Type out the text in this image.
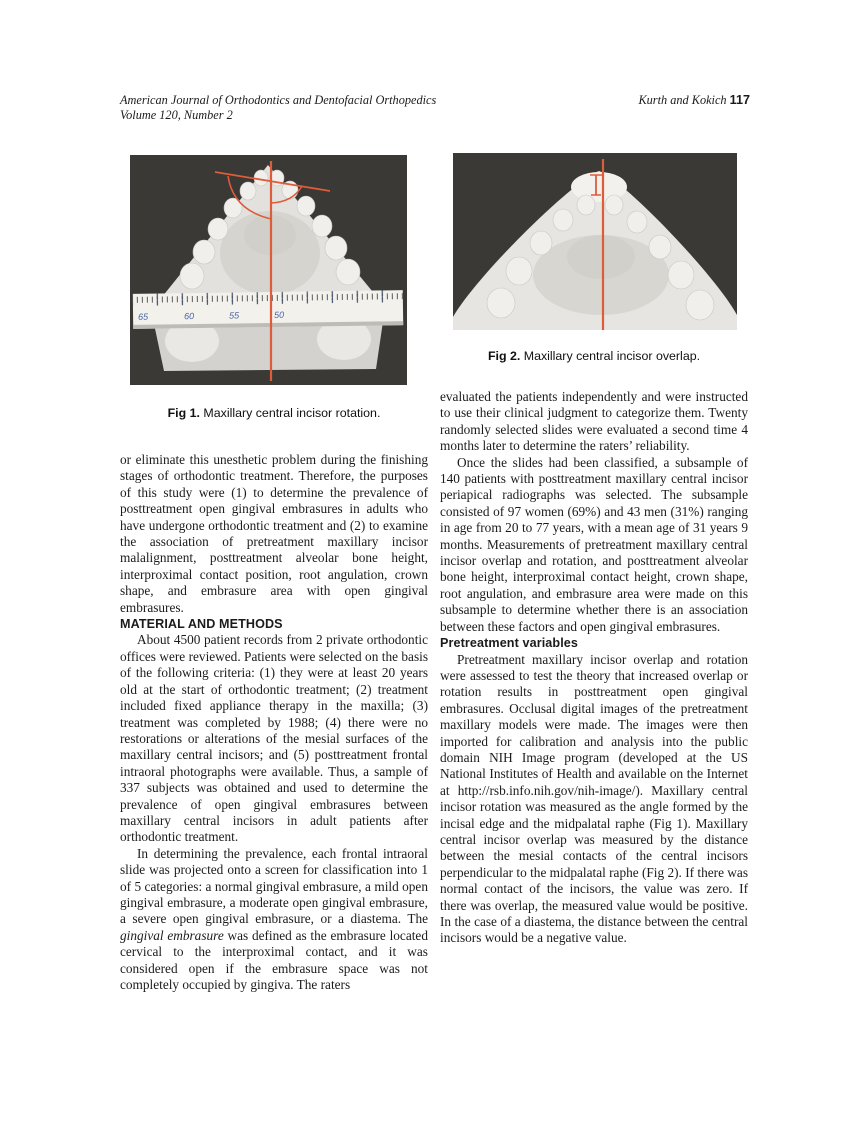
American Journal of Orthodontics and Dentofacial Orthopedics
Volume 120, Number 2
Kurth and Kokich 117
65	60	55	50
Fig 1. Maxillary central incisor rotation.
Fig 2. Maxillary central incisor overlap.

or eliminate this unesthetic problem during the finishing stages of orthodontic treatment. Therefore, the purposes of this study were (1) to determine the prevalence of posttreatment open gingival embrasures in adults who have undergone orthodontic treatment and (2) to examine the association of pretreatment maxillary incisor malalignment, posttreatment alveolar bone height, interproximal contact position, root angulation, crown shape, and embrasure area with open gingival embrasures.

MATERIAL AND METHODS

About 4500 patient records from 2 private orthodontic offices were reviewed. Patients were selected on the basis of the following criteria: (1) they were at least 20 years old at the start of orthodontic treatment; (2) treatment included fixed appliance therapy in the maxilla; (3) treatment was completed by 1988; (4) there were no restorations or alterations of the mesial surfaces of the maxillary central incisors; and (5) posttreatment frontal intraoral photographs were available. Thus, a sample of 337 subjects was obtained and used to determine the prevalence of open gingival embrasures between maxillary central incisors in adult patients after orthodontic treatment.

In determining the prevalence, each frontal intraoral slide was projected onto a screen for classification into 1 of 5 categories: a normal gingival embrasure, a mild open gingival embrasure, a moderate open gingival embrasure, a severe open gingival embrasure, or a diastema. The gingival embrasure was defined as the embrasure located cervical to the interproximal contact, and it was considered open if the embrasure space was not completely occupied by gingiva. The raters

evaluated the patients independently and were instructed to use their clinical judgment to categorize them. Twenty randomly selected slides were evaluated a second time 4 months later to determine the raters’ reliability.

Once the slides had been classified, a subsample of 140 patients with posttreatment maxillary central incisor periapical radiographs was selected. The subsample consisted of 97 women (69%) and 43 men (31%) ranging in age from 20 to 77 years, with a mean age of 31 years 9 months. Measurements of pretreatment maxillary central incisor overlap and rotation, and posttreatment alveolar bone height, interproximal contact height, crown shape, root angulation, and embrasure area were made on this subsample to determine whether there is an association between these factors and open gingival embrasures.

Pretreatment variables

Pretreatment maxillary incisor overlap and rotation were assessed to test the theory that increased overlap or rotation results in posttreatment open gingival embrasures. Occlusal digital images of the pretreatment maxillary models were made. The images were then imported for calibration and analysis into the public domain NIH Image program (developed at the US National Institutes of Health and available on the Internet at http://rsb.info.nih.gov/nih-image/). Maxillary central incisor rotation was measured as the angle formed by the incisal edge and the midpalatal raphe (Fig 1). Maxillary central incisor overlap was measured by the distance between the mesial contacts of the central incisors perpendicular to the midpalatal raphe (Fig 2). If there was normal contact of the incisors, the value was zero. If there was overlap, the measured value would be positive. In the case of a diastema, the distance between the central incisors would be a negative value.
